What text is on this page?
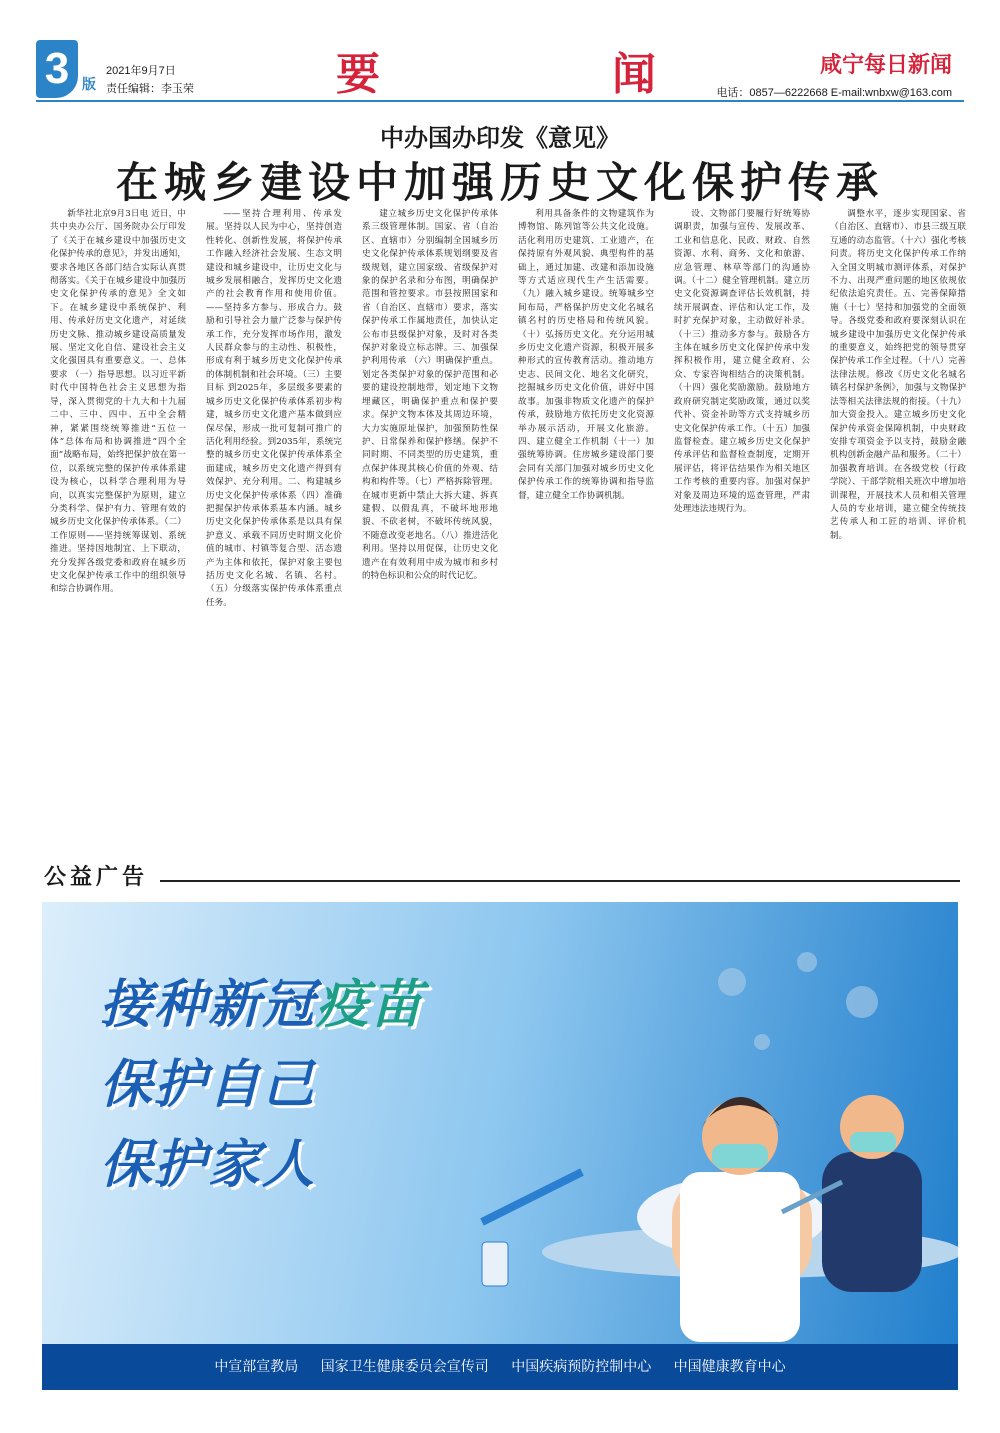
3 版
2021年9月7日
责任编辑：李玉荣	要	闻	咸宁每日新闻
电话：0857—6222668 E-mail:wnbxw@163.com
中办国办印发《意见》
在城乡建设中加强历史文化保护传承

新华社北京9月3日电 近日，中共中央办公厅、国务院办公厅印发了《关于在城乡建设中加强历史文化保护传承的意见》，并发出通知，要求各地区各部门结合实际认真贯彻落实。《关于在城乡建设中加强历史文化保护传承的意见》全文如下。在城乡建设中系统保护、利用、传承好历史文化遗产，对延续历史文脉、推动城乡建设高质量发展、坚定文化自信、建设社会主义文化强国具有重要意义。一、总体要求 （一）指导思想。以习近平新时代中国特色社会主义思想为指导，深入贯彻党的十九大和十九届二中、三中、四中、五中全会精神，紧紧围绕统筹推进“五位一体”总体布局和协调推进“四个全面”战略布局，始终把保护放在第一位，以系统完整的保护传承体系建设为核心，以科学合理利用为导向，以真实完整保护为原则，建立分类科学、保护有力、管理有效的城乡历史文化保护传承体系。（二）工作原则——坚持统筹谋划、系统推进。坚持因地制宜、上下联动，充分发挥各级党委和政府在城乡历史文化保护传承工作中的组织领导和综合协调作用。

——坚持合理利用、传承发展。坚持以人民为中心，坚持创造性转化、创新性发展，将保护传承工作融入经济社会发展、生态文明建设和城乡建设中，让历史文化与城乡发展相融合，发挥历史文化遗产的社会教育作用和使用价值。——坚持多方参与、形成合力。鼓励和引导社会力量广泛参与保护传承工作，充分发挥市场作用，激发人民群众参与的主动性、积极性，形成有利于城乡历史文化保护传承的体制机制和社会环境。（三）主要目标 到2025年，多层级多要素的城乡历史文化保护传承体系初步构建，城乡历史文化遗产基本做到应保尽保，形成一批可复制可推广的活化利用经验。到2035年，系统完整的城乡历史文化保护传承体系全面建成，城乡历史文化遗产得到有效保护、充分利用。二、构建城乡历史文化保护传承体系（四）准确把握保护传承体系基本内涵。城乡历史文化保护传承体系是以具有保护意义、承载不同历史时期文化价值的城市、村镇等复合型、活态遗产为主体和依托，保护对象主要包括历史文化名城、名镇、名村。（五）分级落实保护传承体系重点任务。

建立城乡历史文化保护传承体系三级管理体制。国家、省（自治区、直辖市）分别编制全国城乡历史文化保护传承体系规划纲要及省级规划，建立国家级、省级保护对象的保护名录和分布图，明确保护范围和管控要求。市县按照国家和省（自治区、直辖市）要求，落实保护传承工作属地责任，加快认定公布市县级保护对象，及时对各类保护对象设立标志牌。三、加强保护利用传承 （六）明确保护重点。划定各类保护对象的保护范围和必要的建设控制地带，划定地下文物埋藏区，明确保护重点和保护要求。保护文物本体及其周边环境，大力实施原址保护，加强预防性保护、日常保养和保护修缮。保护不同时期、不同类型的历史建筑，重点保护体现其核心价值的外观、结构和构件等。（七）严格拆除管理。在城市更新中禁止大拆大建、拆真建假、以假乱真，不破坏地形地貌、不砍老树，不破坏传统风貌，不随意改变老地名。（八）推进活化利用。坚持以用促保，让历史文化遗产在有效利用中成为城市和乡村的特色标识和公众的时代记忆。

利用具备条件的文物建筑作为博物馆、陈列馆等公共文化设施。活化利用历史建筑、工业遗产，在保持原有外观风貌、典型构件的基础上，通过加建、改建和添加设施等方式适应现代生产生活需要。（九）融入城乡建设。统筹城乡空间布局，严格保护历史文化名城名镇名村的历史格局和传统风貌。（十）弘扬历史文化。充分运用城乡历史文化遗产资源，积极开展多种形式的宣传教育活动。推动地方史志、民间文化、地名文化研究，挖掘城乡历史文化价值，讲好中国故事。加强非物质文化遗产的保护传承，鼓励地方依托历史文化资源举办展示活动，开展文化旅游。四、建立健全工作机制（十一）加强统筹协调。住房城乡建设部门要会同有关部门加强对城乡历史文化保护传承工作的统筹协调和指导监督，建立健全工作协调机制。

设、文物部门要履行好统筹协调职责，加强与宣传、发展改革、工业和信息化、民政、财政、自然资源、水利、商务、文化和旅游、应急管理、林草等部门的沟通协调。（十二）健全管理机制。建立历史文化资源调查评估长效机制，持续开展调查、评估和认定工作，及时扩充保护对象，主动做好补录。（十三）推动多方参与。鼓励各方主体在城乡历史文化保护传承中发挥积极作用，建立健全政府、公众、专家咨询相结合的决策机制。（十四）强化奖励激励。鼓励地方政府研究制定奖励政策，通过以奖代补、资金补助等方式支持城乡历史文化保护传承工作。（十五）加强监督检查。建立城乡历史文化保护传承评估和监督检查制度，定期开展评估，将评估结果作为相关地区工作考核的重要内容。加强对保护对象及周边环境的巡查管理，严肃处理违法违规行为。

调整水平，逐步实现国家、省（自治区、直辖市）、市县三级互联互通的动态监管。（十六）强化考核问责。将历史文化保护传承工作纳入全国文明城市测评体系，对保护不力、出现严重问题的地区依规依纪依法追究责任。五、完善保障措施（十七）坚持和加强党的全面领导。各级党委和政府要深刻认识在城乡建设中加强历史文化保护传承的重要意义，始终把党的领导贯穿保护传承工作全过程。（十八）完善法律法规。修改《历史文化名城名镇名村保护条例》，加强与文物保护法等相关法律法规的衔接。（十九）加大资金投入。建立城乡历史文化保护传承资金保障机制，中央财政安排专项资金予以支持，鼓励金融机构创新金融产品和服务。（二十）加强教育培训。在各级党校（行政学院）、干部学院相关班次中增加培训课程，开展技术人员和相关管理人员的专业培训，建立健全传统技艺传承人和工匠的培训、评价机制。

公益广告
接种新冠疫苗
保护自己
保护家人
中宣部宣教局 国家卫生健康委员会宣传司 中国疾病预防控制中心 中国健康教育中心
